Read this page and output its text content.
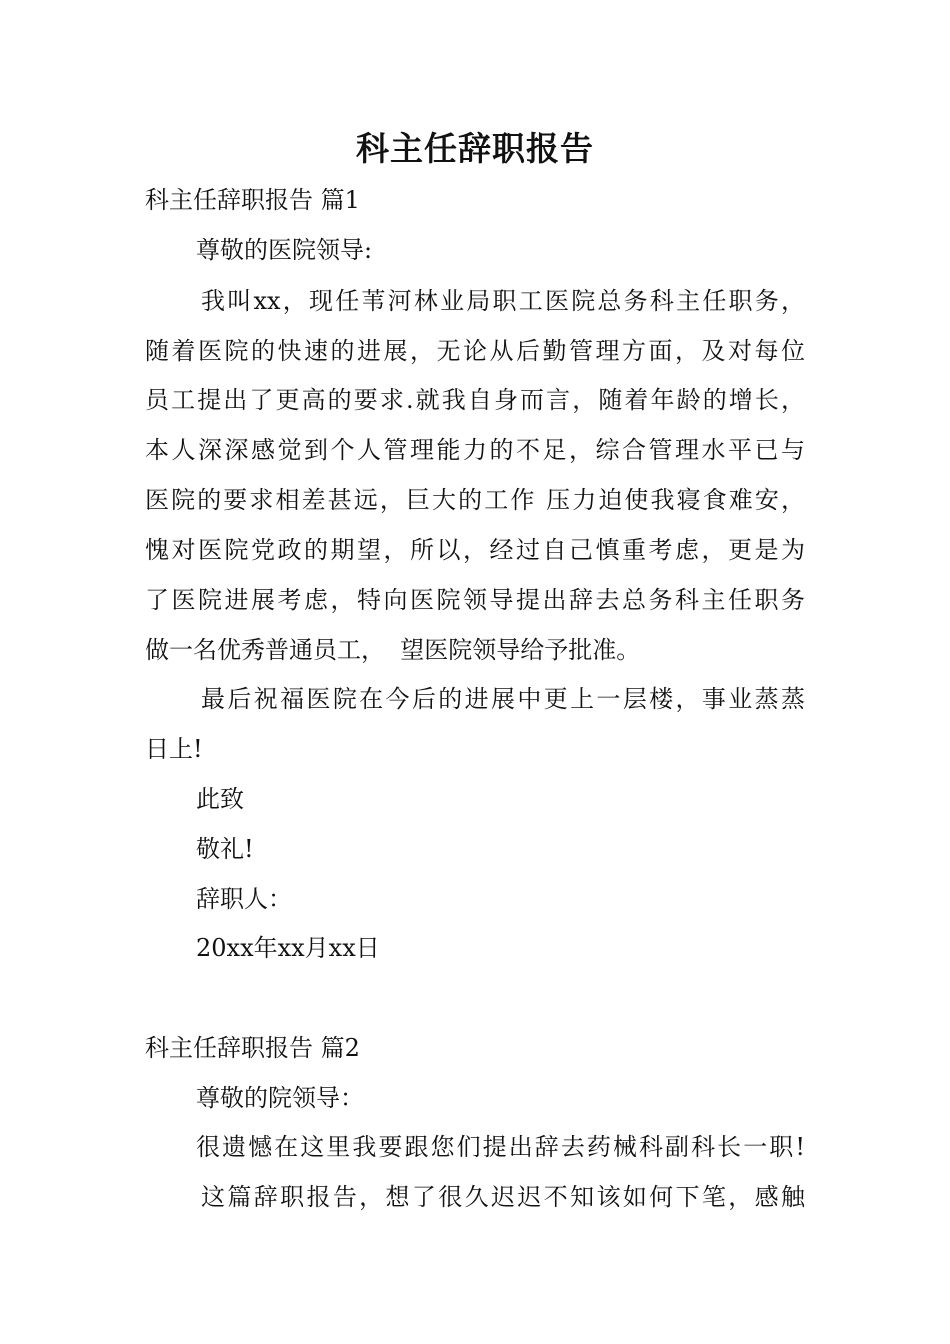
科主任辞职报告
科主任辞职报告 篇1
尊敬的医院领导:
我叫xx，现任苇河林业局职工医院总务科主任职务，
随着医院的快速的进展，无论从后勤管理方面，及对每位
员工提出了更高的要求.就我自身而言，随着年龄的增长，
本人深深感觉到个人管理能力的不足，综合管理水平已与
医院的要求相差甚远，巨大的工作 压力迫使我寝食难安，
愧对医院党政的期望，所以，经过自己慎重考虑，更是为
了医院进展考虑，特向医院领导提出辞去总务科主任职务
做一名优秀普通员工，  望医院领导给予批准。
最后祝福医院在今后的进展中更上一层楼，事业蒸蒸
日上!
此致
敬礼!
辞职人：
20xx年xx月xx日
科主任辞职报告 篇2
尊敬的院领导：
很遗憾在这里我要跟您们提出辞去药械科副科长一职!
这篇辞职报告，想了很久迟迟不知该如何下笔，感触
